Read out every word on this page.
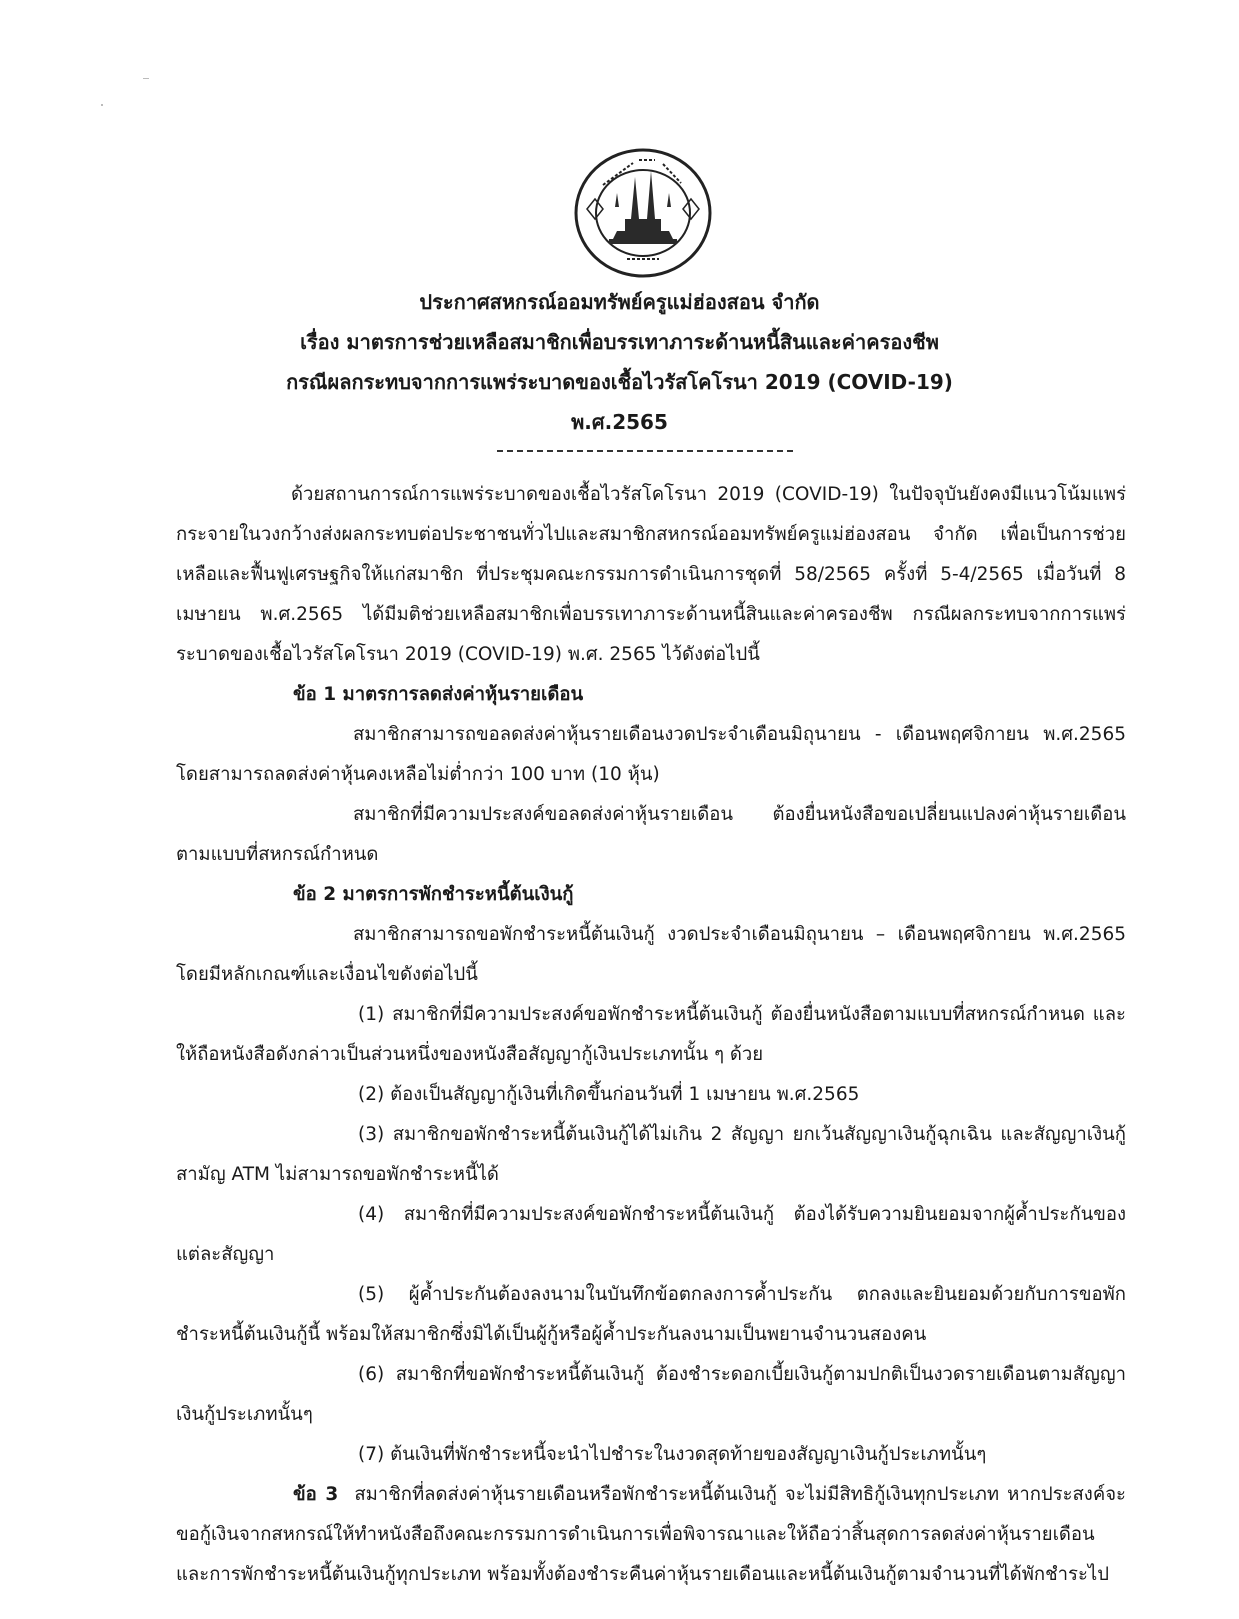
ประกาศสหกรณ์ออมทรัพย์ครูแม่ฮ่องสอน จำกัด
เรื่อง มาตรการช่วยเหลือสมาชิกเพื่อบรรเทาภาระด้านหนี้สินและค่าครองชีพ
กรณีผลกระทบจากการแพร่ระบาดของเชื้อไวรัสโคโรนา 2019 (COVID-19)
พ.ศ.2565

ด้วยสถานการณ์การแพร่ระบาดของเชื้อไวรัสโคโรนา 2019 (COVID-19) ในปัจจุบันยังคงมีแนวโน้มแพร่กระจายในวงกว้างส่งผลกระทบต่อประชาชนทั่วไปและสมาชิกสหกรณ์ออมทรัพย์ครูแม่ฮ่องสอน จำกัด เพื่อเป็นการช่วยเหลือและฟื้นฟูเศรษฐกิจให้แก่สมาชิก ที่ประชุมคณะกรรมการดำเนินการชุดที่ 58/2565 ครั้งที่ 5-4/2565 เมื่อวันที่ 8 เมษายน พ.ศ.2565 ได้มีมติช่วยเหลือสมาชิกเพื่อบรรเทาภาระด้านหนี้สินและค่าครองชีพ กรณีผลกระทบจากการแพร่ระบาดของเชื้อไวรัสโคโรนา 2019 (COVID-19) พ.ศ. 2565 ไว้ดังต่อไปนี้

ข้อ 1 มาตรการลดส่งค่าหุ้นรายเดือน

สมาชิกสามารถขอลดส่งค่าหุ้นรายเดือนงวดประจำเดือนมิถุนายน - เดือนพฤศจิกายน พ.ศ.2565 โดยสามารถลดส่งค่าหุ้นคงเหลือไม่ต่ำกว่า 100 บาท (10 หุ้น)

สมาชิกที่มีความประสงค์ขอลดส่งค่าหุ้นรายเดือน ต้องยื่นหนังสือขอเปลี่ยนแปลงค่าหุ้นรายเดือน ตามแบบที่สหกรณ์กำหนด

ข้อ 2 มาตรการพักชำระหนี้ต้นเงินกู้

สมาชิกสามารถขอพักชำระหนี้ต้นเงินกู้ งวดประจำเดือนมิถุนายน – เดือนพฤศจิกายน พ.ศ.2565 โดยมีหลักเกณฑ์และเงื่อนไขดังต่อไปนี้

(1) สมาชิกที่มีความประสงค์ขอพักชำระหนี้ต้นเงินกู้ ต้องยื่นหนังสือตามแบบที่สหกรณ์กำหนด และให้ถือหนังสือดังกล่าวเป็นส่วนหนึ่งของหนังสือสัญญากู้เงินประเภทนั้น ๆ ด้วย

(2) ต้องเป็นสัญญากู้เงินที่เกิดขึ้นก่อนวันที่ 1 เมษายน พ.ศ.2565

(3) สมาชิกขอพักชำระหนี้ต้นเงินกู้ได้ไม่เกิน 2 สัญญา ยกเว้นสัญญาเงินกู้ฉุกเฉิน และสัญญาเงินกู้สามัญ ATM ไม่สามารถขอพักชำระหนี้ได้

(4) สมาชิกที่มีความประสงค์ขอพักชำระหนี้ต้นเงินกู้ ต้องได้รับความยินยอมจากผู้ค้ำประกันของแต่ละสัญญา

(5) ผู้ค้ำประกันต้องลงนามในบันทึกข้อตกลงการค้ำประกัน ตกลงและยินยอมด้วยกับการขอพักชำระหนี้ต้นเงินกู้นี้ พร้อมให้สมาชิกซึ่งมิได้เป็นผู้กู้หรือผู้ค้ำประกันลงนามเป็นพยานจำนวนสองคน

(6) สมาชิกที่ขอพักชำระหนี้ต้นเงินกู้ ต้องชำระดอกเบี้ยเงินกู้ตามปกติเป็นงวดรายเดือนตามสัญญาเงินกู้ประเภทนั้นๆ

(7) ต้นเงินที่พักชำระหนี้จะนำไปชำระในงวดสุดท้ายของสัญญาเงินกู้ประเภทนั้นๆ

ข้อ 3 สมาชิกที่ลดส่งค่าหุ้นรายเดือนหรือพักชำระหนี้ต้นเงินกู้ จะไม่มีสิทธิกู้เงินทุกประเภท หากประสงค์จะขอกู้เงินจากสหกรณ์ให้ทำหนังสือถึงคณะกรรมการดำเนินการเพื่อพิจารณาและให้ถือว่าสิ้นสุดการลดส่งค่าหุ้นรายเดือนและการพักชำระหนี้ต้นเงินกู้ทุกประเภท พร้อมทั้งต้องชำระคืนค่าหุ้นรายเดือนและหนี้ต้นเงินกู้ตามจำนวนที่ได้พักชำระไป
